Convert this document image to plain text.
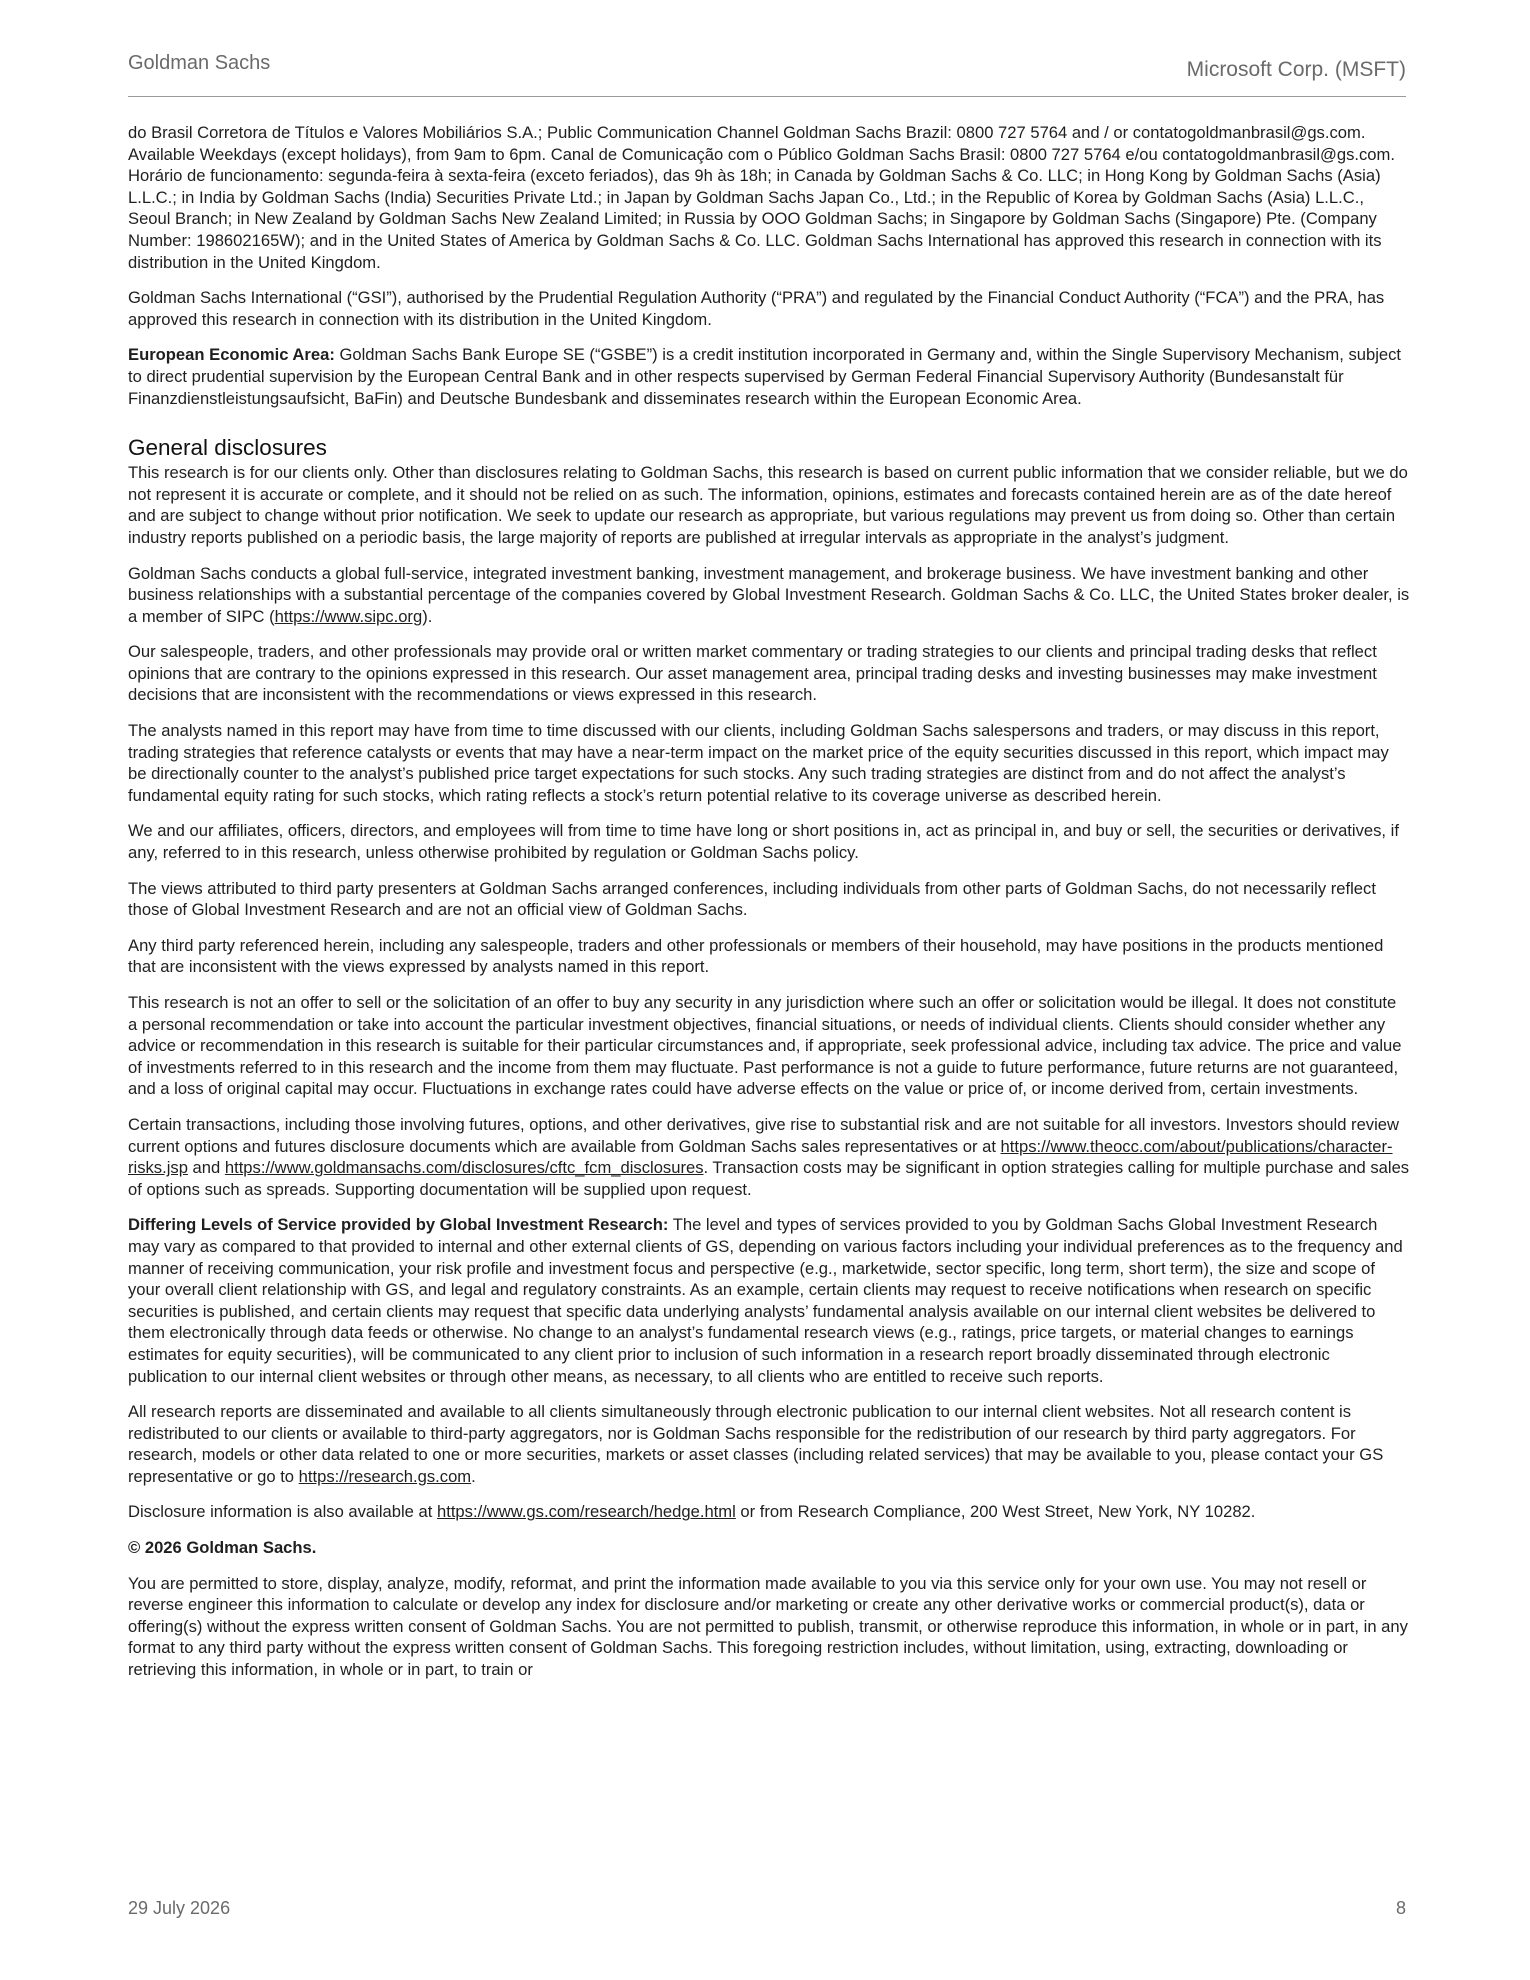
Goldman Sachs	Microsoft Corp. (MSFT)

do Brasil Corretora de Títulos e Valores Mobiliários S.A.; Public Communication Channel Goldman Sachs Brazil: 0800 727 5764 and / or contatogoldmanbrasil@gs.com. Available Weekdays (except holidays), from 9am to 6pm. Canal de Comunicação com o Público Goldman Sachs Brasil: 0800 727 5764 e/ou contatogoldmanbrasil@gs.com. Horário de funcionamento: segunda-feira à sexta-feira (exceto feriados), das 9h às 18h; in Canada by Goldman Sachs & Co. LLC; in Hong Kong by Goldman Sachs (Asia) L.L.C.; in India by Goldman Sachs (India) Securities Private Ltd.; in Japan by Goldman Sachs Japan Co., Ltd.; in the Republic of Korea by Goldman Sachs (Asia) L.L.C., Seoul Branch; in New Zealand by Goldman Sachs New Zealand Limited; in Russia by OOO Goldman Sachs; in Singapore by Goldman Sachs (Singapore) Pte. (Company Number: 198602165W); and in the United States of America by Goldman Sachs & Co. LLC. Goldman Sachs International has approved this research in connection with its distribution in the United Kingdom.

Goldman Sachs International (“GSI”), authorised by the Prudential Regulation Authority (“PRA”) and regulated by the Financial Conduct Authority (“FCA”) and the PRA, has approved this research in connection with its distribution in the United Kingdom.

European Economic Area: Goldman Sachs Bank Europe SE (“GSBE”) is a credit institution incorporated in Germany and, within the Single Supervisory Mechanism, subject to direct prudential supervision by the European Central Bank and in other respects supervised by German Federal Financial Supervisory Authority (Bundesanstalt für Finanzdienstleistungsaufsicht, BaFin) and Deutsche Bundesbank and disseminates research within the European Economic Area.

General disclosures

This research is for our clients only. Other than disclosures relating to Goldman Sachs, this research is based on current public information that we consider reliable, but we do not represent it is accurate or complete, and it should not be relied on as such. The information, opinions, estimates and forecasts contained herein are as of the date hereof and are subject to change without prior notification. We seek to update our research as appropriate, but various regulations may prevent us from doing so. Other than certain industry reports published on a periodic basis, the large majority of reports are published at irregular intervals as appropriate in the analyst’s judgment.

Goldman Sachs conducts a global full-service, integrated investment banking, investment management, and brokerage business. We have investment banking and other business relationships with a substantial percentage of the companies covered by Global Investment Research. Goldman Sachs & Co. LLC, the United States broker dealer, is a member of SIPC (https://www.sipc.org).

Our salespeople, traders, and other professionals may provide oral or written market commentary or trading strategies to our clients and principal trading desks that reflect opinions that are contrary to the opinions expressed in this research. Our asset management area, principal trading desks and investing businesses may make investment decisions that are inconsistent with the recommendations or views expressed in this research.

The analysts named in this report may have from time to time discussed with our clients, including Goldman Sachs salespersons and traders, or may discuss in this report, trading strategies that reference catalysts or events that may have a near-term impact on the market price of the equity securities discussed in this report, which impact may be directionally counter to the analyst’s published price target expectations for such stocks. Any such trading strategies are distinct from and do not affect the analyst’s fundamental equity rating for such stocks, which rating reflects a stock’s return potential relative to its coverage universe as described herein.

We and our affiliates, officers, directors, and employees will from time to time have long or short positions in, act as principal in, and buy or sell, the securities or derivatives, if any, referred to in this research, unless otherwise prohibited by regulation or Goldman Sachs policy.

The views attributed to third party presenters at Goldman Sachs arranged conferences, including individuals from other parts of Goldman Sachs, do not necessarily reflect those of Global Investment Research and are not an official view of Goldman Sachs.

Any third party referenced herein, including any salespeople, traders and other professionals or members of their household, may have positions in the products mentioned that are inconsistent with the views expressed by analysts named in this report.

This research is not an offer to sell or the solicitation of an offer to buy any security in any jurisdiction where such an offer or solicitation would be illegal. It does not constitute a personal recommendation or take into account the particular investment objectives, financial situations, or needs of individual clients. Clients should consider whether any advice or recommendation in this research is suitable for their particular circumstances and, if appropriate, seek professional advice, including tax advice. The price and value of investments referred to in this research and the income from them may fluctuate. Past performance is not a guide to future performance, future returns are not guaranteed, and a loss of original capital may occur. Fluctuations in exchange rates could have adverse effects on the value or price of, or income derived from, certain investments.

Certain transactions, including those involving futures, options, and other derivatives, give rise to substantial risk and are not suitable for all investors. Investors should review current options and futures disclosure documents which are available from Goldman Sachs sales representatives or at https://www.theocc.com/about/publications/character-risks.jsp and https://www.goldmansachs.com/disclosures/cftc_fcm_disclosures. Transaction costs may be significant in option strategies calling for multiple purchase and sales of options such as spreads. Supporting documentation will be supplied upon request.

Differing Levels of Service provided by Global Investment Research: The level and types of services provided to you by Goldman Sachs Global Investment Research may vary as compared to that provided to internal and other external clients of GS, depending on various factors including your individual preferences as to the frequency and manner of receiving communication, your risk profile and investment focus and perspective (e.g., marketwide, sector specific, long term, short term), the size and scope of your overall client relationship with GS, and legal and regulatory constraints. As an example, certain clients may request to receive notifications when research on specific securities is published, and certain clients may request that specific data underlying analysts’ fundamental analysis available on our internal client websites be delivered to them electronically through data feeds or otherwise. No change to an analyst’s fundamental research views (e.g., ratings, price targets, or material changes to earnings estimates for equity securities), will be communicated to any client prior to inclusion of such information in a research report broadly disseminated through electronic publication to our internal client websites or through other means, as necessary, to all clients who are entitled to receive such reports.

All research reports are disseminated and available to all clients simultaneously through electronic publication to our internal client websites. Not all research content is redistributed to our clients or available to third-party aggregators, nor is Goldman Sachs responsible for the redistribution of our research by third party aggregators. For research, models or other data related to one or more securities, markets or asset classes (including related services) that may be available to you, please contact your GS representative or go to https://research.gs.com.

Disclosure information is also available at https://www.gs.com/research/hedge.html or from Research Compliance, 200 West Street, New York, NY 10282.

© 2026 Goldman Sachs.

You are permitted to store, display, analyze, modify, reformat, and print the information made available to you via this service only for your own use. You may not resell or reverse engineer this information to calculate or develop any index for disclosure and/or marketing or create any other derivative works or commercial product(s), data or offering(s) without the express written consent of Goldman Sachs. You are not permitted to publish, transmit, or otherwise reproduce this information, in whole or in part, in any format to any third party without the express written consent of Goldman Sachs. This foregoing restriction includes, without limitation, using, extracting, downloading or retrieving this information, in whole or in part, to train or

29 July 2026	8
